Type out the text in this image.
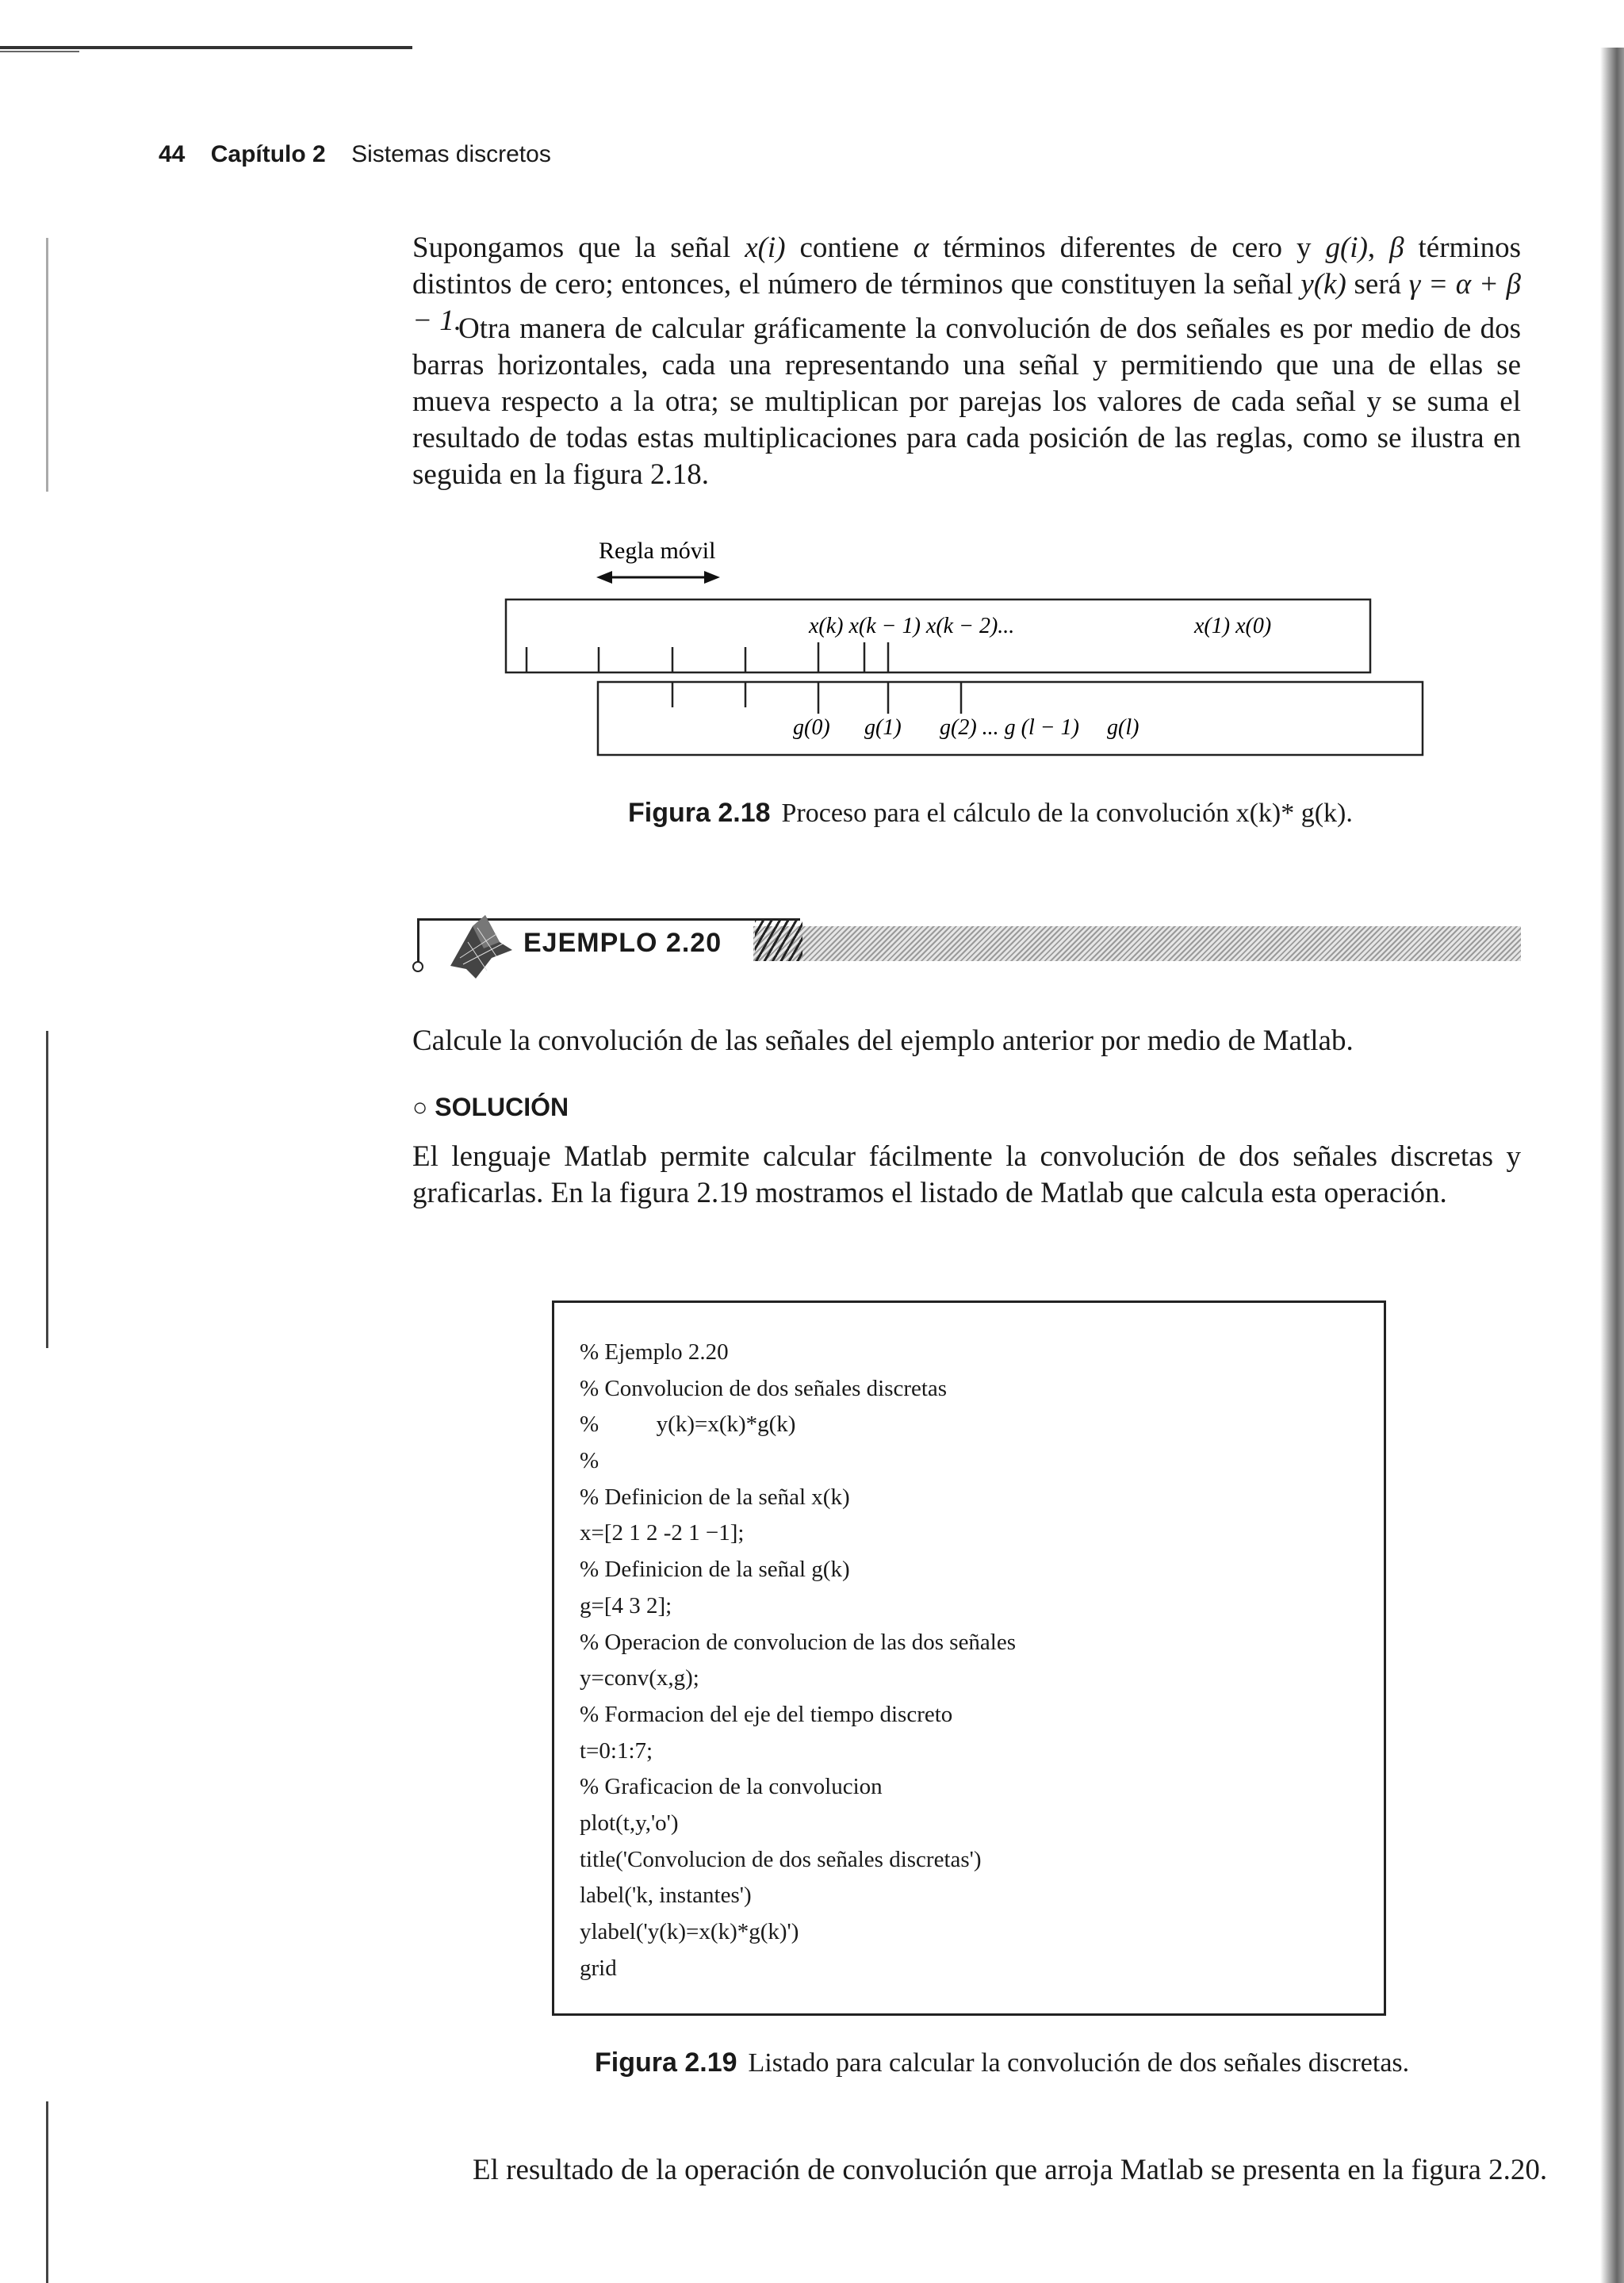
44 Capítulo 2 Sistemas discretos
Supongamos que la señal x(i) contiene α términos diferentes de cero y g(i), β términos distintos de cero; entonces, el número de términos que constituyen la señal y(k) será γ = α + β − 1.
Otra manera de calcular gráficamente la convolución de dos señales es por medio de dos barras horizontales, cada una representando una señal y permitiendo que una de ellas se mueva respecto a la otra; se multiplican por parejas los valores de cada señal y se suma el resultado de todas estas multiplicaciones para cada posición de las reglas, como se ilustra en seguida en la figura 2.18.
Regla móvil
x(k) x(k − 1) x(k − 2)...	x(1) x(0)
g(0) g(1) g(2) ... g (l − 1) g(l)
Figura 2.18 Proceso para el cálculo de la convolución x(k)* g(k).
EJEMPLO 2.20
Calcule la convolución de las señales del ejemplo anterior por medio de Matlab.
○ SOLUCIÓN
El lenguaje Matlab permite calcular fácilmente la convolución de dos señales discretas y graficarlas. En la figura 2.19 mostramos el listado de Matlab que calcula esta operación.
% Ejemplo 2.20
% Convolucion de dos señales discretas
%          y(k)=x(k)*g(k)
%
% Definicion de la señal x(k)
x=[2 1 2 -2 1 −1];
% Definicion de la señal g(k)
g=[4 3 2];
% Operacion de convolucion de las dos señales
y=conv(x,g);
% Formacion del eje del tiempo discreto
t=0:1:7;
% Graficacion de la convolucion
plot(t,y,'o')
title('Convolucion de dos señales discretas')
label('k, instantes')
ylabel('y(k)=x(k)*g(k)')
grid
Figura 2.19 Listado para calcular la convolución de dos señales discretas.
El resultado de la operación de convolución que arroja Matlab se presenta en la figura 2.20.
